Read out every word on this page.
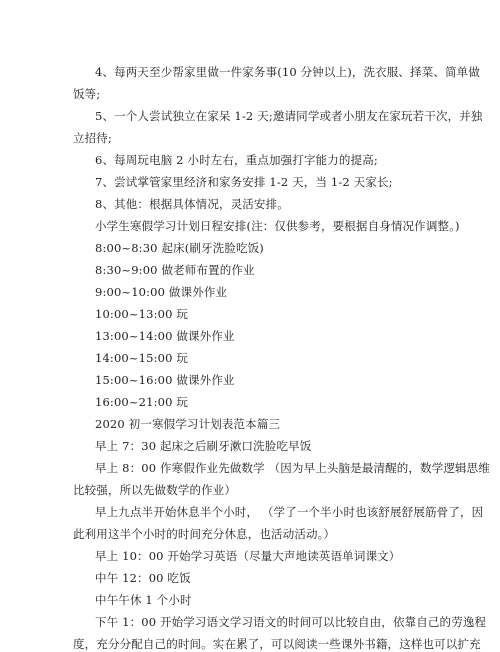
4、每两天至少帮家里做一件家务事(10 分钟以上)，洗衣服、择菜、简单做
饭等;
5、一个人尝试独立在家呆 1-2 天;邀请同学或者小朋友在家玩若干次，并独
立招待;
6、每周玩电脑 2 小时左右，重点加强打字能力的提高;
7、尝试掌管家里经济和家务安排 1-2 天，当 1-2 天家长;
8、其他：根据具体情况，灵活安排。
小学生寒假学习计划日程安排(注：仅供参考，要根据自身情况作调整。)
8:00~8:30 起床(刷牙洗脸吃饭)
8:30~9:00 做老师布置的作业
9:00~10:00 做课外作业
10:00~13:00 玩
13:00~14:00 做课外作业
14:00~15:00 玩
15:00~16:00 做课外作业
16:00~21:00 玩
2020 初一寒假学习计划表范本篇三
早上 7：30 起床之后刷牙漱口洗脸吃早饭
早上 8：00 作寒假作业先做数学 （因为早上头脑是最清醒的，数学逻辑思维
比较强，所以先做数学的作业）
早上九点半开始休息半个小时， （学了一个半小时也该舒展舒展筋骨了，因
此利用这半个小时的时间充分休息，也活动活动。）
早上 10：00 开始学习英语（尽量大声地读英语单词课文）
中午 12：00 吃饭
中午午休 1 个小时
下午 1：00 开始学习语文学习语文的时间可以比较自由，依靠自己的劳逸程
度，充分分配自己的时间。实在累了，可以阅读一些课外书籍，这样也可以扩充
